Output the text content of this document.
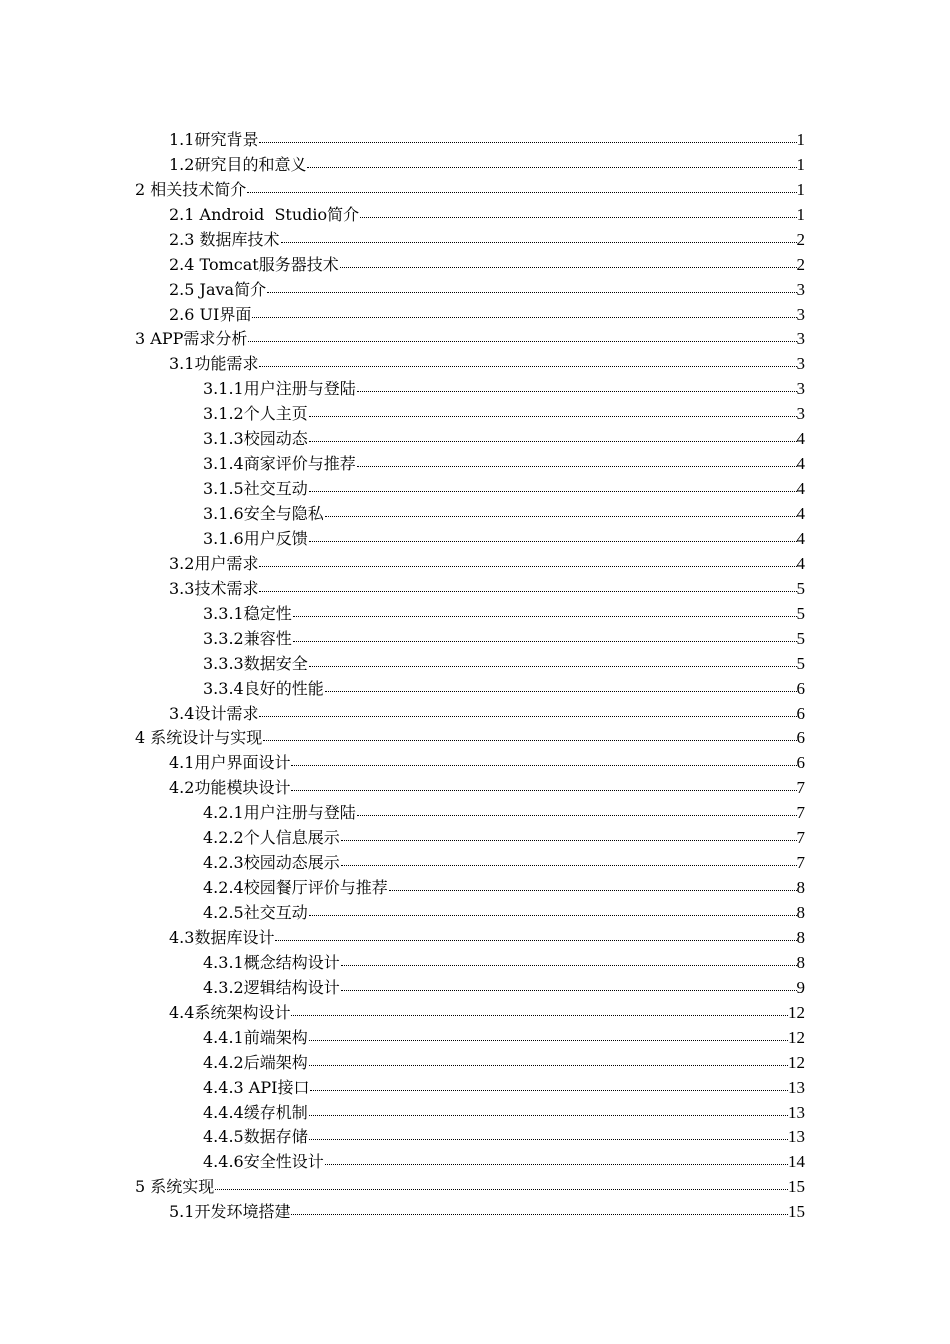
1.1研究背景	1
1.2研究目的和意义	1
2 相关技术简介	1
2.1 Android  Studio简介	1
2.3 数据库技术	2
2.4 Tomcat服务器技术	2
2.5 Java简介	3
2.6 UI界面	3
3 APP需求分析	3
3.1功能需求	3
3.1.1用户注册与登陆	3
3.1.2个人主页	3
3.1.3校园动态	4
3.1.4商家评价与推荐	4
3.1.5社交互动	4
3.1.6安全与隐私	4
3.1.6用户反馈	4
3.2用户需求	4
3.3技术需求	5
3.3.1稳定性	5
3.3.2兼容性	5
3.3.3数据安全	5
3.3.4良好的性能	6
3.4设计需求	6
4 系统设计与实现	6
4.1用户界面设计	6
4.2功能模块设计	7
4.2.1用户注册与登陆	7
4.2.2个人信息展示	7
4.2.3校园动态展示	7
4.2.4校园餐厅评价与推荐	8
4.2.5社交互动	8
4.3数据库设计	8
4.3.1概念结构设计	8
4.3.2逻辑结构设计	9
4.4系统架构设计	12
4.4.1前端架构	12
4.4.2后端架构	12
4.4.3 API接口	13
4.4.4缓存机制	13
4.4.5数据存储	13
4.4.6安全性设计	14
5 系统实现	15
5.1开发环境搭建	15
